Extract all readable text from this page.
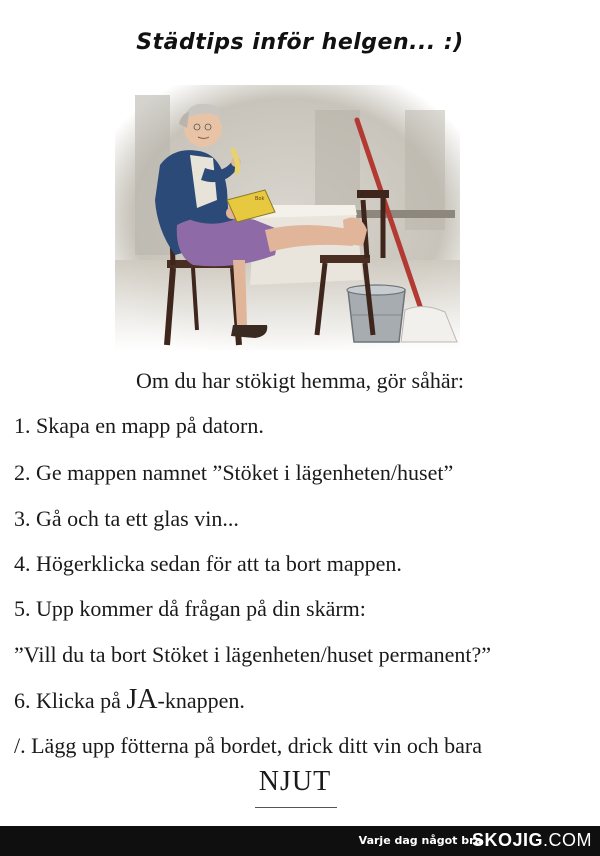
Städtips inför helgen... :)
Bok
Om du har stökigt hemma, gör såhär:
1. Skapa en mapp på datorn.
2. Ge mappen namnet ”Stöket i lägenheten/huset”
3. Gå och ta ett glas vin...
4. Högerklicka sedan för att ta bort mappen.
5. Upp kommer då frågan på din skärm:
”Vill du ta bort Stöket i lägenheten/huset permanent?”
6. Klicka på JA-knappen.
/. Lägg upp fötterna på bordet, drick ditt vin och bara
NJUT
Varje dag något bra ·
SKOJIG.COM
